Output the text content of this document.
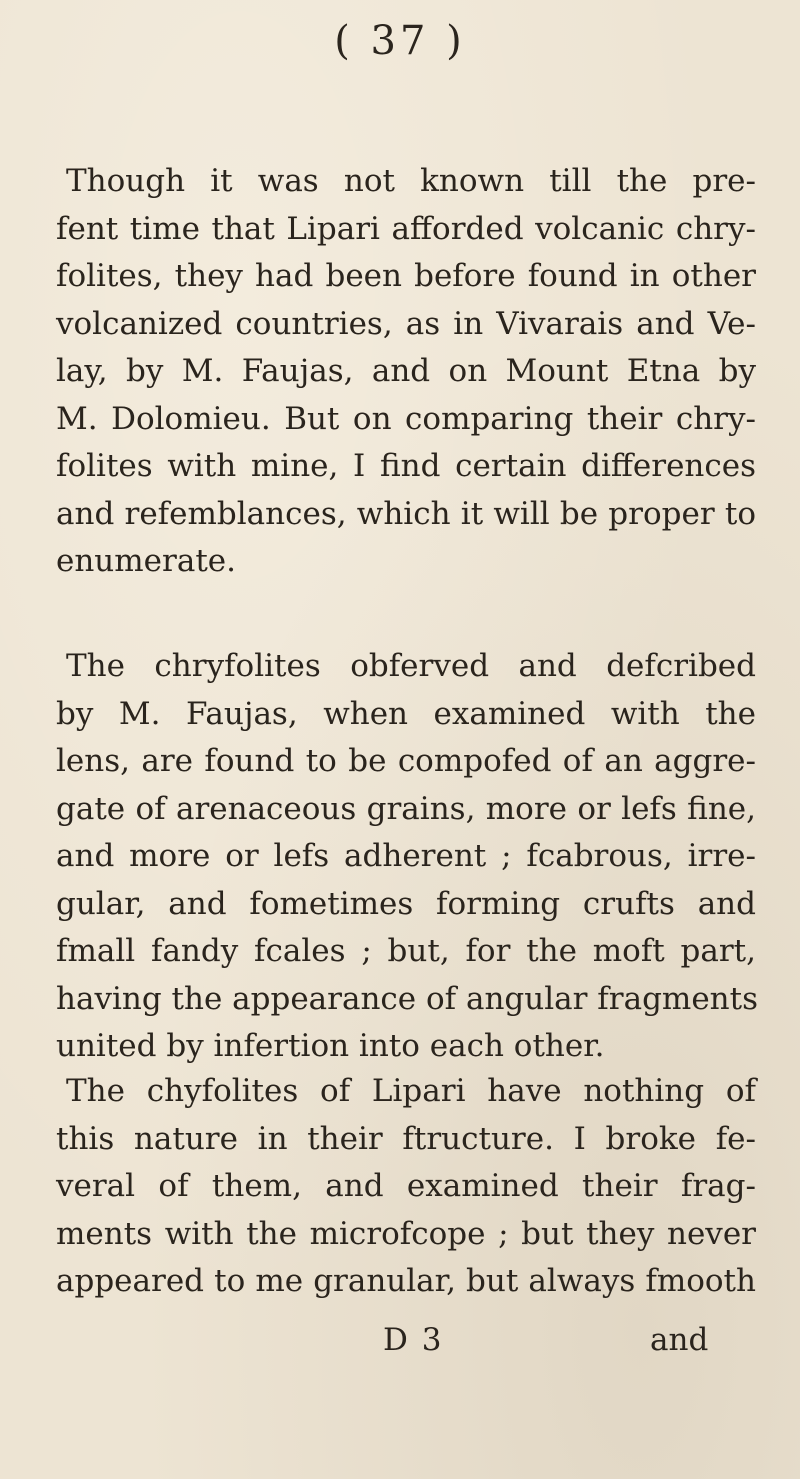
( 37 )
Though it was not known till the pre-
fent time that Lipari afforded volcanic chry-
folites, they had been before found in other
volcanized countries, as in Vivarais and Ve-
lay, by M. Faujas, and on Mount Etna by
M. Dolomieu. But on comparing their chry-
folites with mine, I find certain differences
and refemblances, which it will be proper to
enumerate.
The chryfolites obferved and defcribed
by M. Faujas, when examined with the
lens, are found to be compofed of an aggre-
gate of arenaceous grains, more or lefs fine,
and more or lefs adherent ; fcabrous, irre-
gular, and fometimes forming crufts and
fmall fandy fcales ; but, for the moft part,
having the appearance of angular fragments
united by infertion into each other.
The chyfolites of Lipari have nothing of
this nature in their ftructure. I broke fe-
veral of them, and examined their frag-
ments with the microfcope ; but they never
appeared to me granular, but always fmooth
D 3	and
